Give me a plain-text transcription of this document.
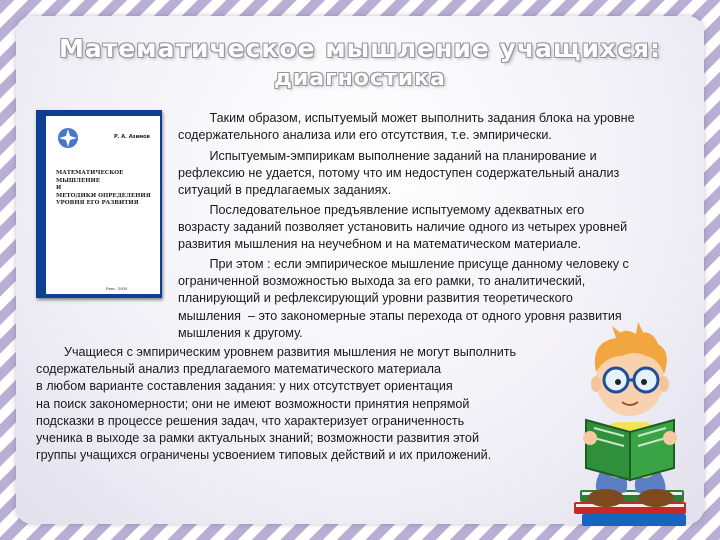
Математическое мышление учащихся:
диагностика
Р. А. Азимов
МАТЕМАТИЧЕСКОЕ
МЫШЛЕНИЕ
И
МЕТОДИКИ ОПРЕДЕЛЕНИЯ
УРОВНЯ ЕГО РАЗВИТИЯ
Рига · 2000

Таким образом, испытуемый может выполнить задания блока на уровне
содержательного анализа или его отсутствия, т.е. эмпирически.

Испытуемым-эмпирикам выполнение заданий на планирование и
рефлексию не удается, потому что им недоступен содержательный анализ
ситуаций в предлагаемых заданиях.

Последовательное предъявление испытуемому адекватных его
возрасту заданий позволяет установить наличие одного из четырех уровней
развития мышления на неучебном и на математическом материале.

При этом : если эмпирическое мышление присуще данному человеку с
ограниченной возможностью выхода за его рамки, то аналитический,
планирующий и рефлексирующий уровни развития теоретического
мышления  – это закономерные этапы перехода от одного уровня развития
мышления к другому.

Учащиеся с эмпирическим уровнем развития мышления не могут выполнить
содержательный анализ предлагаемого математического материала
в любом варианте составления задания: у них отсутствует ориентация
на поиск закономерности; они не имеют возможности принятия непрямой
подсказки в процессе решения задач, что характеризует ограниченность
ученика в выходе за рамки актуальных знаний; возможности развития этой
группы учащихся ограничены усвоением типовых действий и их приложений.
